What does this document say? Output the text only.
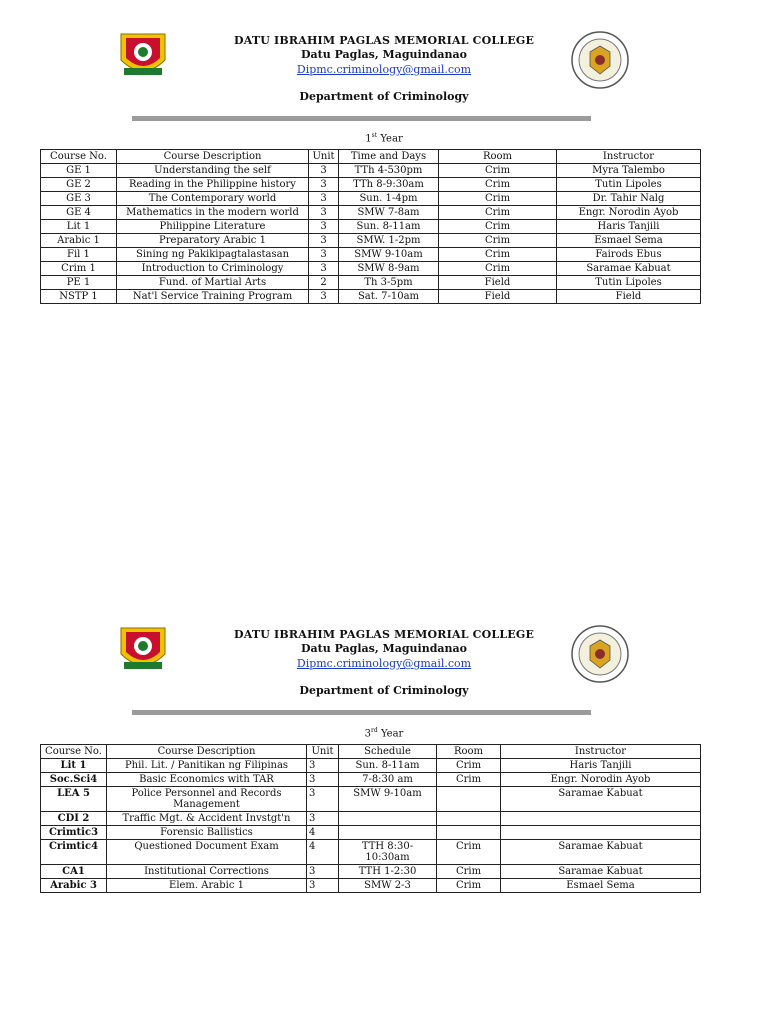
DATU IBRAHIM PAGLAS MEMORIAL COLLEGE
Datu Paglas, Maguindanao
Dipmc.criminology@gmail.com
Department of Criminology
1st Year
Course No.	Course Description	Unit	Time and Days	Room	Instructor
GE 1	Understanding the self	3	TTh 4-530pm	Crim	Myra Talembo
GE 2	Reading in the Philippine history	3	TTh 8-9:30am	Crim	Tutin Lipoles
GE 3	The Contemporary world	3	Sun. 1-4pm	Crim	Dr. Tahir Nalg
GE 4	Mathematics in the modern world	3	SMW 7-8am	Crim	Engr. Norodin Ayob
Lit 1	Philippine Literature	3	Sun. 8-11am	Crim	Haris Tanjili
Arabic 1	Preparatory Arabic 1	3	SMW. 1-2pm	Crim	Esmael Sema
Fil 1	Sining ng Pakikipagtalastasan	3	SMW 9-10am	Crim	Fairods Ebus
Crim 1	Introduction to Criminology	3	SMW 8-9am	Crim	Saramae Kabuat
PE 1	Fund. of Martial Arts	2	Th 3-5pm	Field	Tutin Lipoles
NSTP 1	Nat'l Service Training Program	3	Sat. 7-10am	Field	Field
DATU IBRAHIM PAGLAS MEMORIAL COLLEGE
Datu Paglas, Maguindanao
Dipmc.criminology@gmail.com
Department of Criminology
3rd Year
Course No.	Course Description	Unit	Schedule	Room	Instructor
Lit 1	Phil. Lit. / Panitikan ng Filipinas	3	Sun. 8-11am	Crim	Haris Tanjili
Soc.Sci4	Basic Economics with TAR	3	7-8:30 am	Crim	Engr. Norodin Ayob
LEA 5	Police Personnel and Records Management	3	SMW 9-10am		Saramae Kabuat
CDI 2	Traffic Mgt. & Accident Invstgt'n	3			
Crimtic3	Forensic Ballistics	4			
Crimtic4	Questioned Document Exam	4	TTH 8:30-10:30am	Crim	Saramae Kabuat
CA1	Institutional Corrections	3	TTH 1-2:30	Crim	Saramae Kabuat
Arabic 3	Elem. Arabic 1	3	SMW 2-3	Crim	Esmael Sema
